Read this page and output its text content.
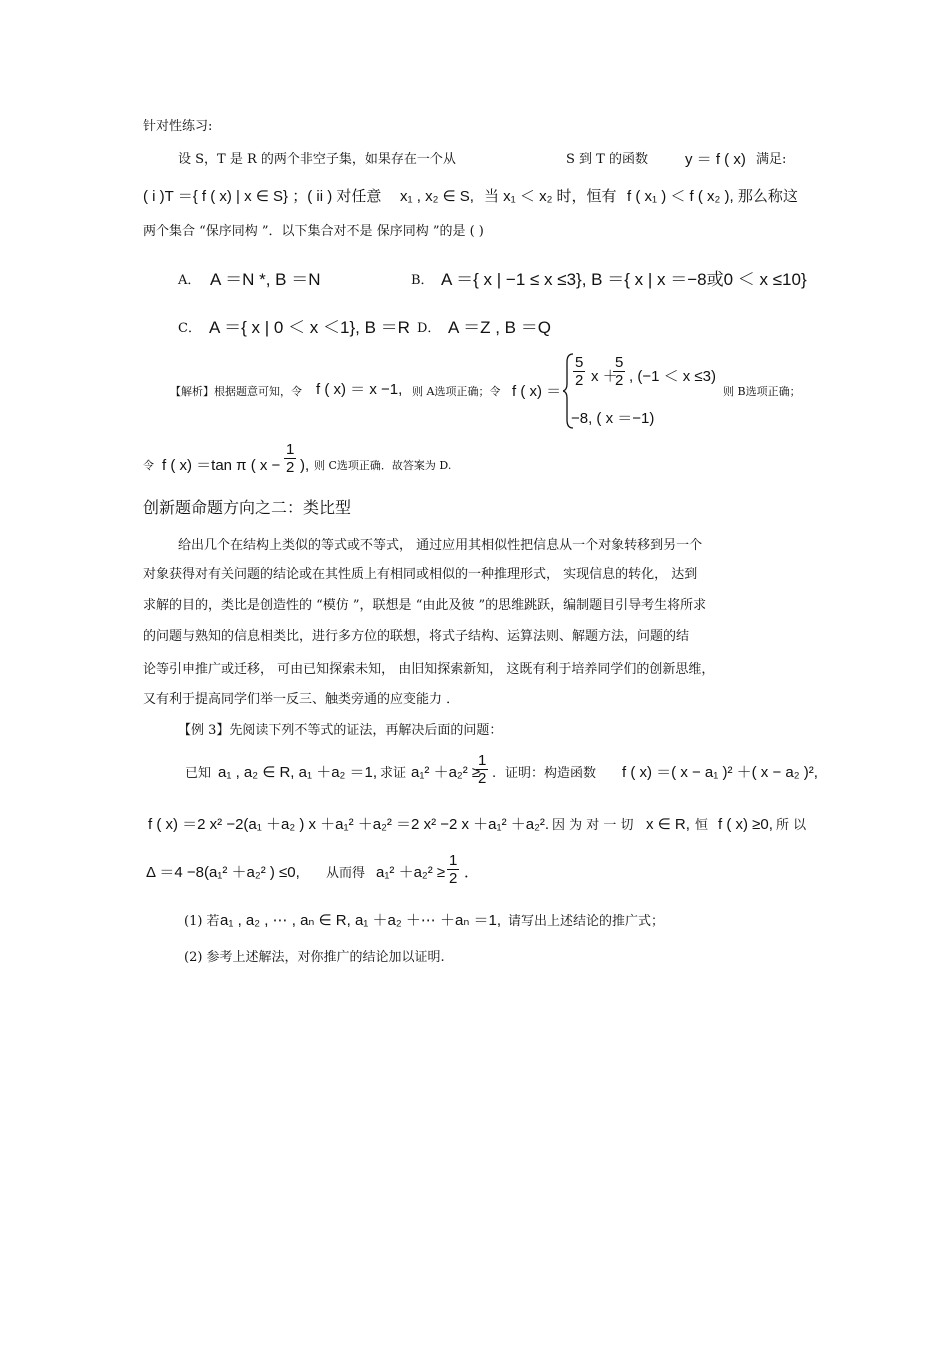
针对性练习:
设 S，T 是 R 的两个非空子集，如果存在一个从	S 到 T 的函数 y ＝ f ( x) 满足:
( i )T ＝{ f ( x) | x ∈ S} ；( ii ) 对任意 x₁ , x₂ ∈ S, 当 x₁ ＜ x₂ 时，恒有 f ( x₁ ) ＜ f ( x₂ ), 那么称这
两个集合 “保序同构 ”．以下集合对不是 保序同构 ”的是 ( )
A． A ＝N *, B ＝N	B． A ＝{ x | −1 ≤ x ≤3}, B ＝{ x | x ＝−8或0 ＜ x ≤10}
C． A ＝{ x | 0 ＜ x ＜1}, B ＝R D． A ＝Z , B ＝Q
【解析】根据题意可知，令 f ( x) ＝ x −1, 则 A选项正确；令 f ( x) ＝
$\frac{5}{2}$ x ＋
$\frac{5}{2}$ , (−1 ＜ x ≤3)
−8, ( x ＝−1)
则 B选项正确；
令 f ( x) ＝tan π ( $x - \frac{1}{2}$ ), 则 C选项正确．故答案为 D.
创新题命题方向之二：类比型
给出几个在结构上类似的等式或不等式， 通过应用其相似性把信息从一个对象转移到另一个
对象获得对有关问题的结论或在其性质上有相同或相似的一种推理形式， 实现信息的转化， 达到
求解的目的，类比是创造性的 “模仿 ”，联想是 “由此及彼 ”的思维跳跃，编制题目引导考生将所求
的问题与熟知的信息相类比，进行多方位的联想，将式子结构、运算法则、解题方法，问题的结
论等引申推广或迁移， 可由已知探索未知， 由旧知探索新知， 这既有利于培养同学们的创新思维，
又有利于提高同学们举一反三、触类旁通的应变能力 ．
【例 3】先阅读下列不等式的证法，再解决后面的问题：
已知 a₁ , a₂ ∈ R, a₁ ＋a₂ ＝1, 求证 a₁² ＋a₂² ≥
$\frac{1}{2}$ . 证明：构造函数 f ( x) ＝( x − a₁ )² ＋( x − a₂ )²,
f ( x) ＝2 x² −2(a₁ ＋a₂ ) x ＋a₁² ＋a₂² ＝2 x² −2 x ＋a₁² ＋a₂². 因 为 对 一 切 x ∈ R, 恒 f ( x) ≥0, 所 以
Δ ＝4 −8(a₁² ＋a₂² ) ≤0, 从而得 $a_1^2 +a_2^2 \ge \frac{1}{2}$ ．
(1) 若 a₁ , a₂ , ⋯ , aₙ ∈ R, a₁ ＋a₂ ＋⋯ ＋aₙ ＝1, 请写出上述结论的推广式；
(2) 参考上述解法，对你推广的结论加以证明.
